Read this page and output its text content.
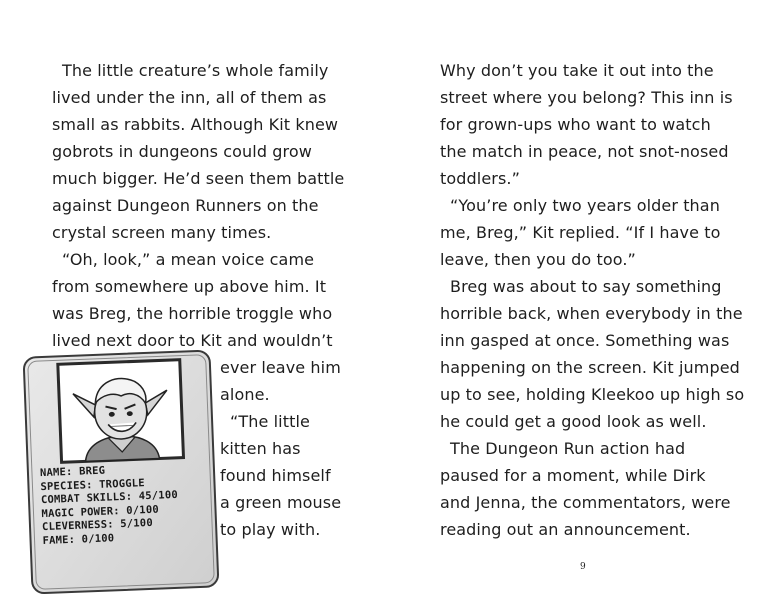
The little creature’s whole family
lived under the inn, all of them as
small as rabbits. Although Kit knew
gobrots in dungeons could grow
much bigger. He’d seen them battle
against Dungeon Runners on the
crystal screen many times.
“Oh, look,” a mean voice came
from somewhere up above him. It
was Breg, the horrible troggle who
lived next door to Kit and wouldn’t
ever leave him
alone.
“The little
kitten has
found himself
a green mouse
to play with.
NAME: BREG
SPECIES: TROGGLE
COMBAT SKILLS: 45/100
MAGIC POWER: 0/100
CLEVERNESS: 5/100
FAME: 0/100
Why don’t you take it out into the
street where you belong? This inn is
for grown-ups who want to watch
the match in peace, not snot-nosed
toddlers.”
“You’re only two years older than
me, Breg,” Kit replied. “If I have to
leave, then you do too.”
Breg was about to say something
horrible back, when everybody in the
inn gasped at once. Something was
happening on the screen. Kit jumped
up to see, holding Kleekoo up high so
he could get a good look as well.
The Dungeon Run action had
paused for a moment, while Dirk
and Jenna, the commentators, were
reading out an announcement.
9
